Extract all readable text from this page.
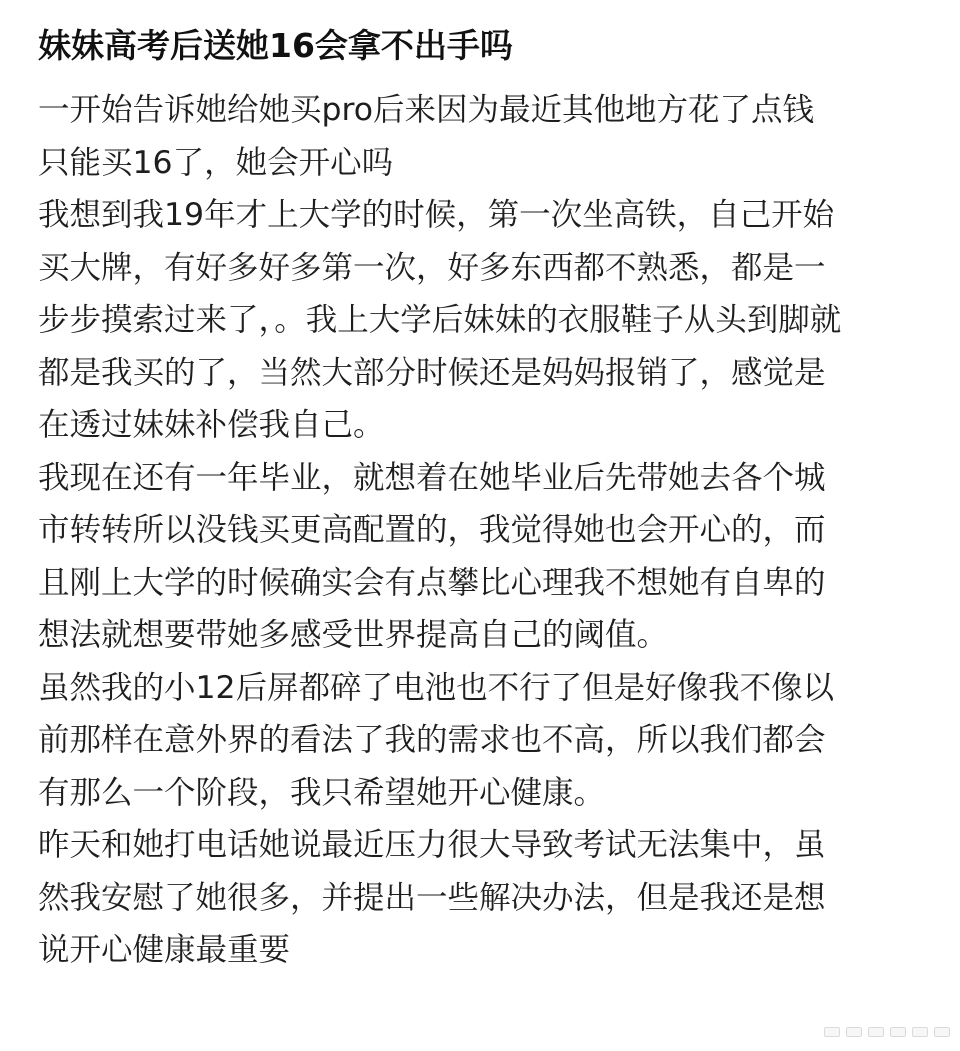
妹妹高考后送她16会拿不出手吗

一开始告诉她给她买pro后来因为最近其他地方花了点钱
只能买16了，她会开心吗

我想到我19年才上大学的时候，第一次坐高铁，自己开始
买大牌，有好多好多第一次，好多东西都不熟悉，都是一
步步摸索过来了，。我上大学后妹妹的衣服鞋子从头到脚就
都是我买的了，当然大部分时候还是妈妈报销了，感觉是
在透过妹妹补偿我自己。

我现在还有一年毕业，就想着在她毕业后先带她去各个城
市转转所以没钱买更高配置的，我觉得她也会开心的，而
且刚上大学的时候确实会有点攀比心理我不想她有自卑的
想法就想要带她多感受世界提高自己的阈值。

虽然我的小12后屏都碎了电池也不行了但是好像我不像以
前那样在意外界的看法了我的需求也不高，所以我们都会
有那么一个阶段，我只希望她开心健康。

昨天和她打电话她说最近压力很大导致考试无法集中，虽
然我安慰了她很多，并提出一些解决办法，但是我还是想
说开心健康最重要
